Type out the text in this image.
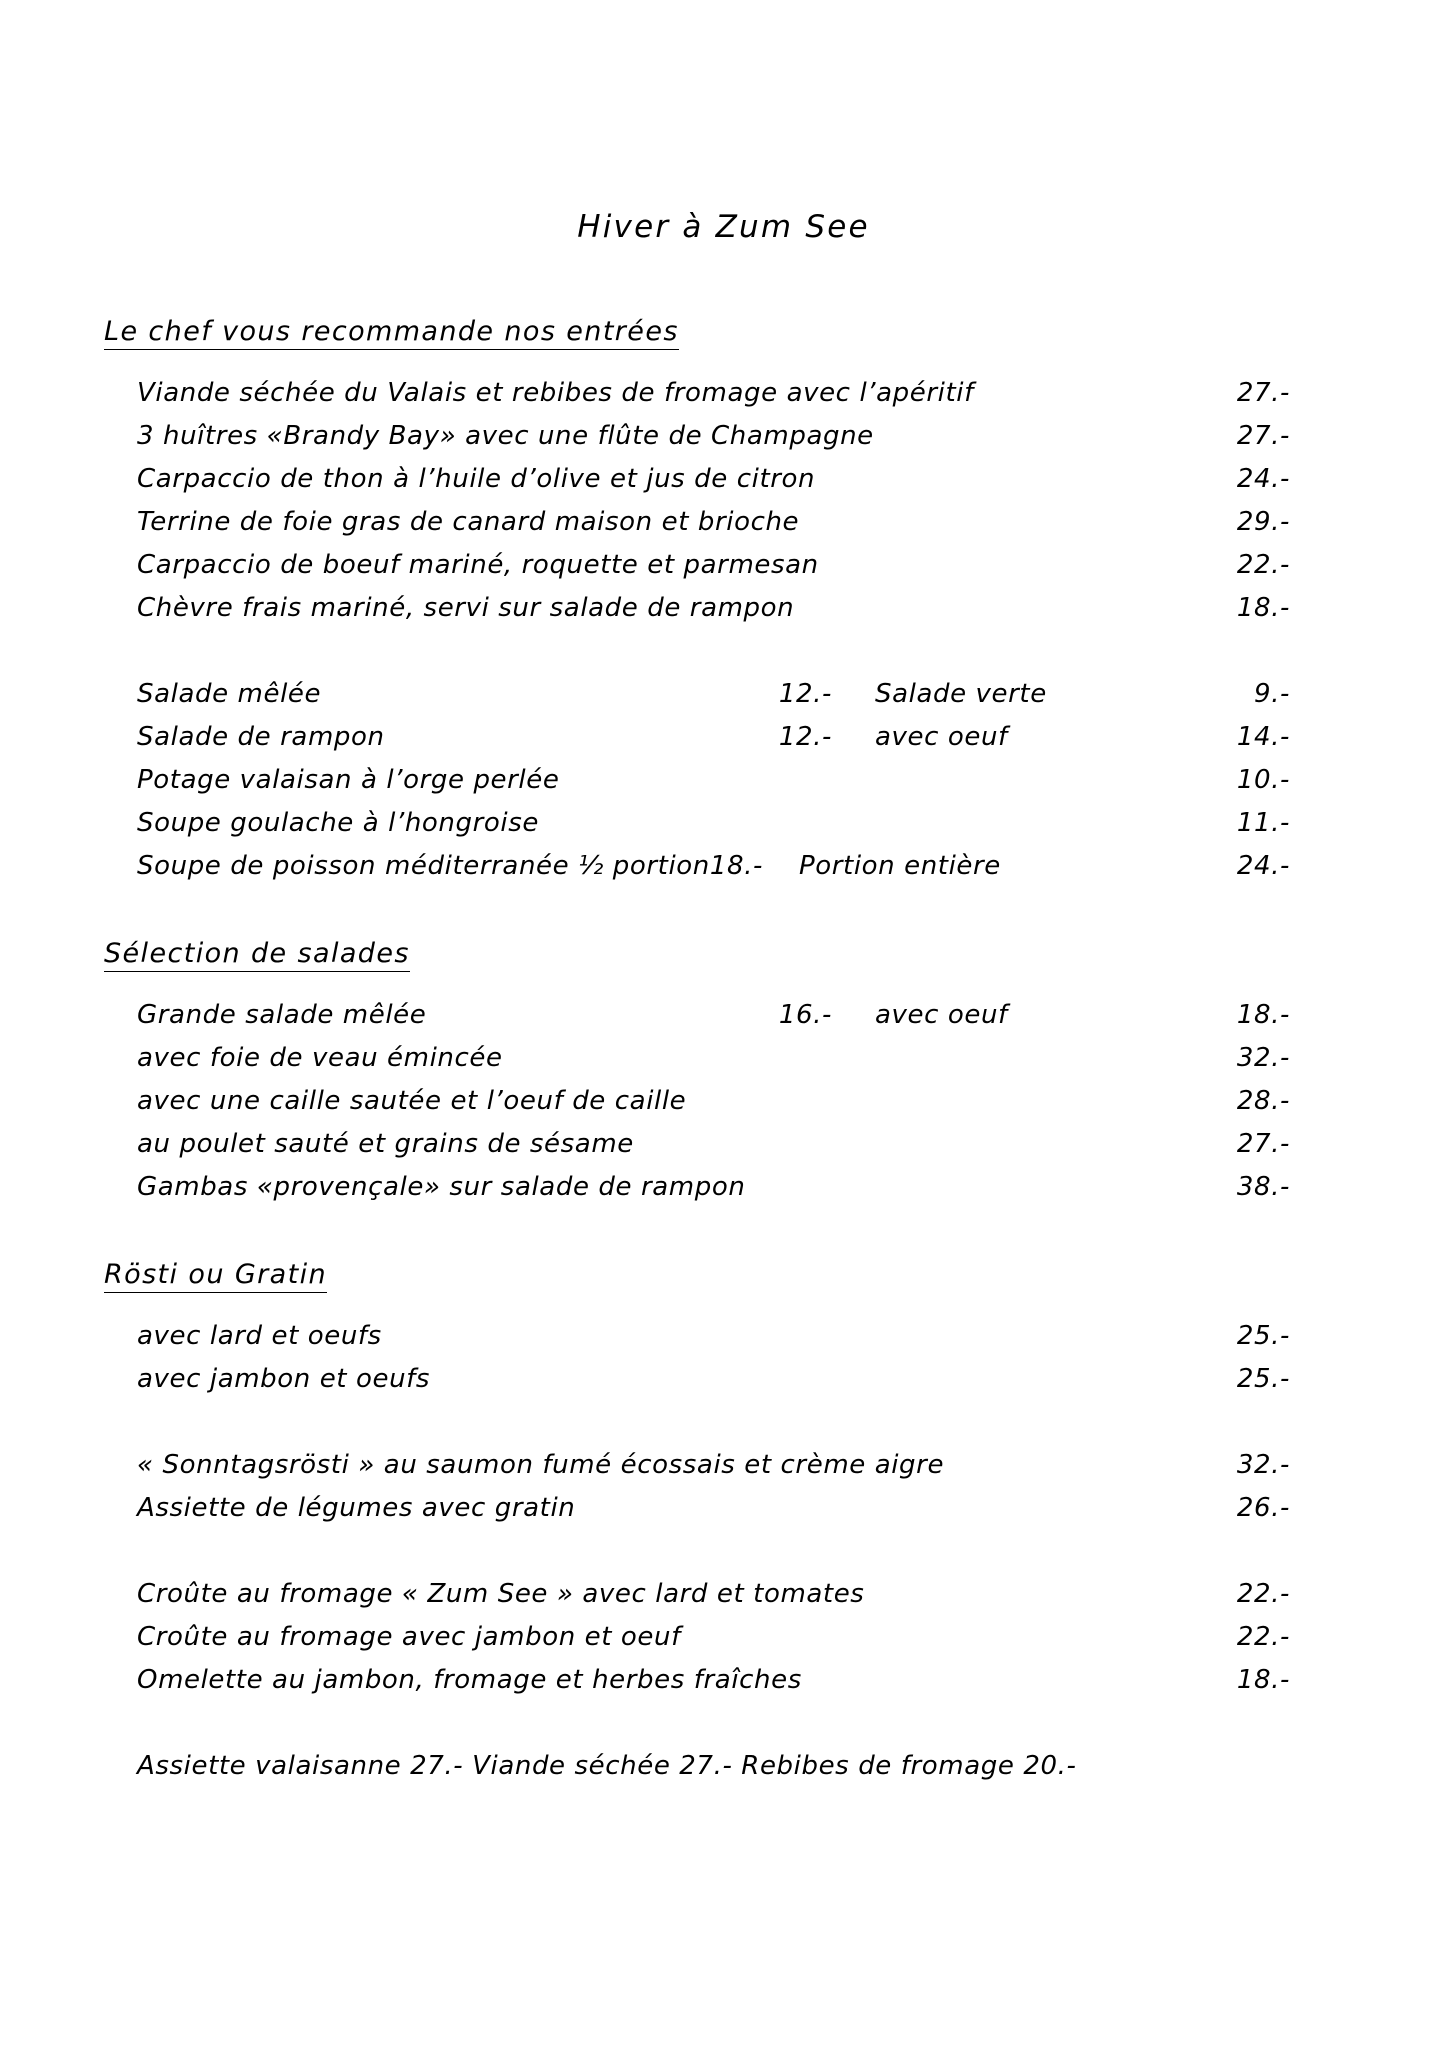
Hiver à Zum See
Le chef vous recommande nos entrées
Viande séchée du Valais et rebibes de fromage avec l’apéritif	27.-
3 huîtres «Brandy Bay» avec une flûte de Champagne	27.-
Carpaccio de thon à l’huile d’olive et jus de citron	24.-
Terrine de foie gras de canard maison et brioche	29.-
Carpaccio de boeuf mariné, roquette et parmesan	22.-
Chèvre frais mariné, servi sur salade de rampon	18.-
Salade mêlée	12.-	Salade verte	9.-
Salade de rampon	12.-	avec oeuf	14.-
Potage valaisan à l’orge perlée	10.-
Soupe goulache à l’hongroise	11.-
Soupe de poisson méditerranée ½ portion18.-	Portion entière	24.-
Sélection de salades
Grande salade mêlée	16.-	avec oeuf	18.-
avec foie de veau émincée	32.-
avec une caille sautée et l’oeuf de caille	28.-
au poulet sauté et grains de sésame	27.-
Gambas «provençale» sur salade de rampon	38.-
Rösti ou Gratin
avec lard et oeufs	25.-
avec jambon et oeufs	25.-
« Sonntagsrösti » au saumon fumé écossais et crème aigre	32.-
Assiette de légumes avec gratin	26.-
Croûte au fromage « Zum See » avec lard et tomates	22.-
Croûte au fromage avec jambon et oeuf	22.-
Omelette au jambon, fromage et herbes fraîches	18.-
Assiette valaisanne 27.- Viande séchée 27.- Rebibes de fromage 20.-
